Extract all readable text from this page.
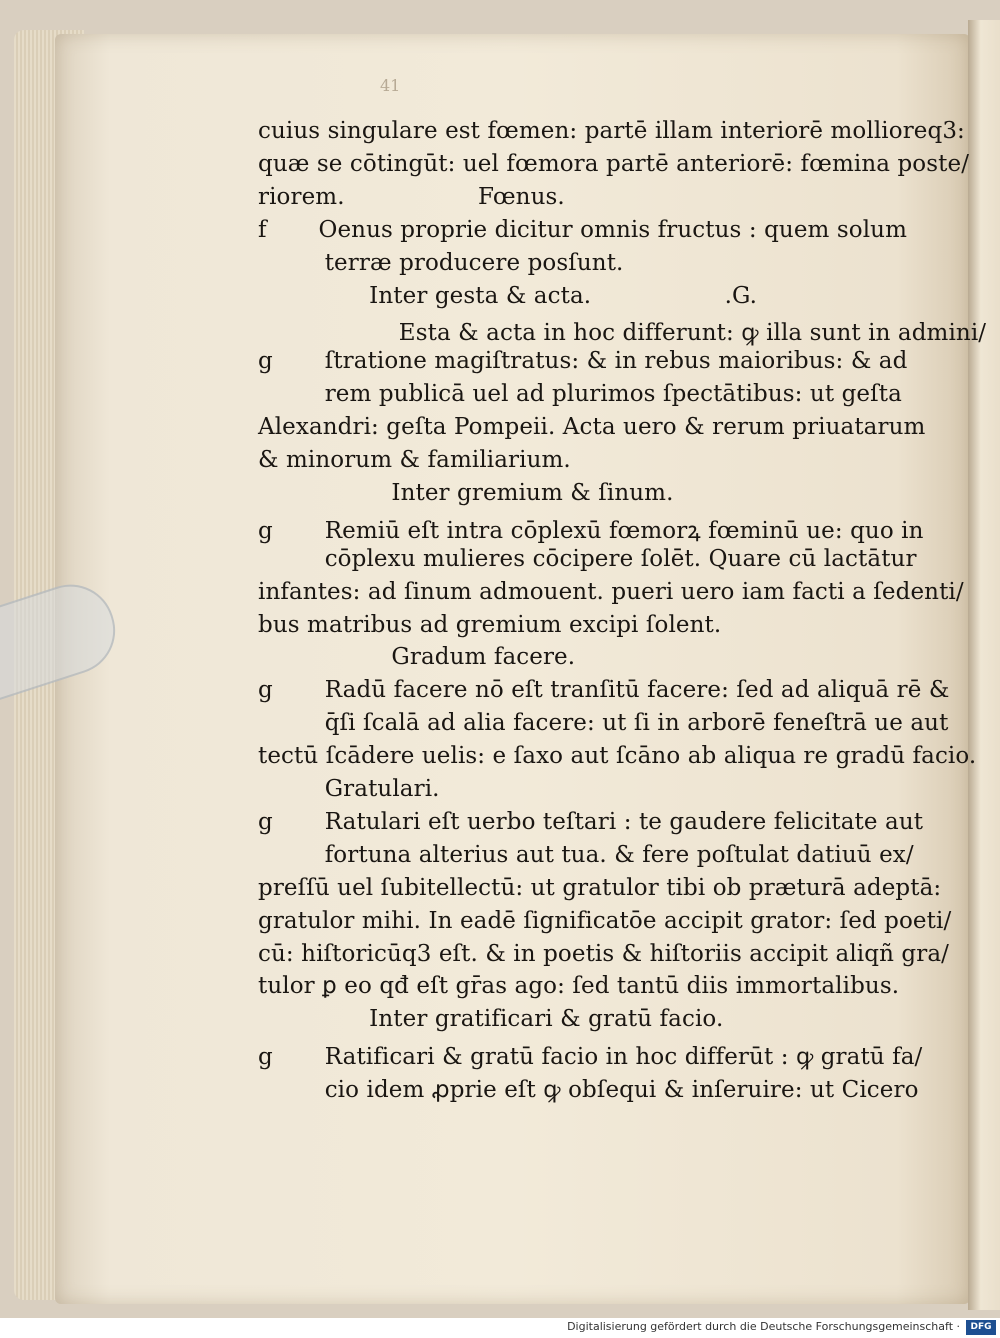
41
cuius singulare est fœmen: partē illam interiorē mollioreq3:
quæ se cōtingūt: uel fœmora partē anteriorē: fœmina poste/
riorem.                  Fœnus.
f       Oenus proprie dicitur omnis fructus : quem solum
terræ producere posſunt.
Inter gesta & acta.                  .G.
Esta & acta in hoc differunt: ꝙ illa sunt in admini/
g       ſtratione magiſtratus: & in rebus maioribus: & ad
rem publicā uel ad plurimos ſpectātibus: ut geſta
Alexandri: geſta Pompeii. Acta uero & rerum priuatarum
& minorum & familiarium.
Inter gremium & ſinum.
g       Remiū eſt intra cōplexū fœmorꝝ fœminū ue: quo in
cōplexu mulieres cōcipere ſolēt. Quare cū lactātur
infantes: ad ſinum admouent. pueri uero iam facti a ſedenti/
bus matribus ad gremium excipi ſolent.
Gradum facere.
g       Radū facere nō eſt tranſitū facere: ſed ad aliquā rē &
q̄ſi ſcalā ad alia facere: ut ſi in arborē feneſtrā ue aut
tectū ſcādere uelis: e ſaxo aut ſcāno ab aliqua re gradū facio.
Gratulari.
g       Ratulari eſt uerbo teſtari : te gaudere felicitate aut
fortuna alterius aut tua. & fere poſtulat datiuū ex/
preſſū uel ſubitellectū: ut gratulor tibi ob præturā adeptā:
gratulor mihi. In eadē ſignificatōe accipit grator: ſed poeti/
cū: hiſtoricūq3 eſt. & in poetis & hiſtoriis accipit aliqñ gra/
tulor ꝑ eo qđ eſt gr̄as ago: ſed tantū diis immortalibus.
Inter gratificari & gratū facio.
g       Ratificari & gratū facio in hoc differūt : ꝙ gratū fa/
cio idem ꝓprie eſt ꝙ obſequi & inſeruire: ut Cicero
Digitalisierung gefördert durch die Deutsche Forschungsgemeinschaft ·	DFG
